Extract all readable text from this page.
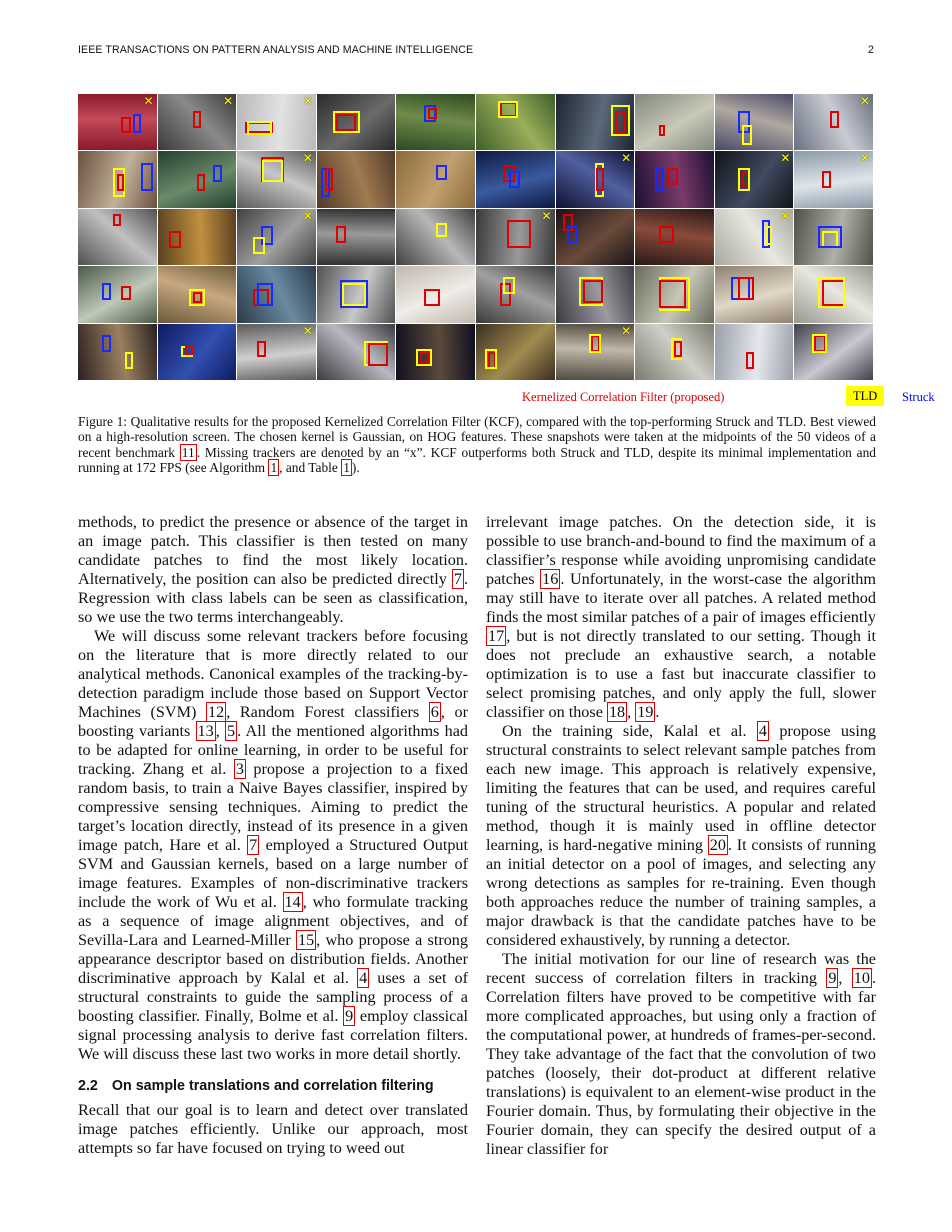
IEEE TRANSACTIONS ON PATTERN ANALYSIS AND MACHINE INTELLIGENCE	2
✕	✕	✕	✕
✕	✕	✕	✕
✕	✕	✕
✕	✕
Kernelized Correlation Filter (proposed)	TLD	Struck
Figure 1: Qualitative results for the proposed Kernelized Correlation Filter (KCF), compared with the top-performing Struck and TLD. Best viewed on a high-resolution screen. The chosen kernel is Gaussian, on HOG features. These snapshots were taken at the midpoints of the 50 videos of a recent benchmark 11 . Missing trackers are denoted by an “x”. KCF outperforms both Struck and TLD, despite its minimal implementation and running at 172 FPS (see Algorithm 1 , and Table 1 ).

methods, to predict the presence or absence of the target in an image patch. This classifier is then tested on many candidate patches to find the most likely location. Alternatively, the position can also be predicted directly 7 . Regression with class labels can be seen as classification, so we use the two terms interchangeably.

We will discuss some relevant trackers before focusing on the literature that is more directly related to our analytical methods. Canonical examples of the tracking-by-detection paradigm include those based on Support Vector Machines (SVM) 12 , Random Forest classifiers 6 , or boosting variants 13 , 5 . All the mentioned algorithms had to be adapted for online learning, in order to be useful for tracking. Zhang et al. 3 propose a projection to a fixed random basis, to train a Naive Bayes classifier, inspired by compressive sensing techniques. Aiming to predict the target’s location directly, instead of its presence in a given image patch, Hare et al. 7 employed a Structured Output SVM and Gaussian kernels, based on a large number of image features. Examples of non-discriminative trackers include the work of Wu et al. 14 , who formulate tracking as a sequence of image alignment objectives, and of Sevilla-Lara and Learned-Miller 15 , who propose a strong appearance descriptor based on distribution fields. Another discriminative approach by Kalal et al. 4 uses a set of structural constraints to guide the sampling process of a boosting classifier. Finally, Bolme et al. 9 employ classical signal processing analysis to derive fast correlation filters. We will discuss these last two works in more detail shortly.

2.2 On sample translations and correlation filtering

Recall that our goal is to learn and detect over translated image patches efficiently. Unlike our approach, most attempts so far have focused on trying to weed out

irrelevant image patches. On the detection side, it is possible to use branch-and-bound to find the maximum of a classifier’s response while avoiding unpromising candidate patches 16 . Unfortunately, in the worst-case the algorithm may still have to iterate over all patches. A related method finds the most similar patches of a pair of images efficiently 17 , but is not directly translated to our setting. Though it does not preclude an exhaustive search, a notable optimization is to use a fast but inaccurate classifier to select promising patches, and only apply the full, slower classifier on those 18 , 19 .

On the training side, Kalal et al. 4 propose using structural constraints to select relevant sample patches from each new image. This approach is relatively expensive, limiting the features that can be used, and requires careful tuning of the structural heuristics. A popular and related method, though it is mainly used in offline detector learning, is hard-negative mining 20 . It consists of running an initial detector on a pool of images, and selecting any wrong detections as samples for re-training. Even though both approaches reduce the number of training samples, a major drawback is that the candidate patches have to be considered exhaustively, by running a detector.

The initial motivation for our line of research was the recent success of correlation filters in tracking 9 , 10 . Correlation filters have proved to be competitive with far more complicated approaches, but using only a fraction of the computational power, at hundreds of frames-per-second. They take advantage of the fact that the convolution of two patches (loosely, their dot-product at different relative translations) is equivalent to an element-wise product in the Fourier domain. Thus, by formulating their objective in the Fourier domain, they can specify the desired output of a linear classifier for
